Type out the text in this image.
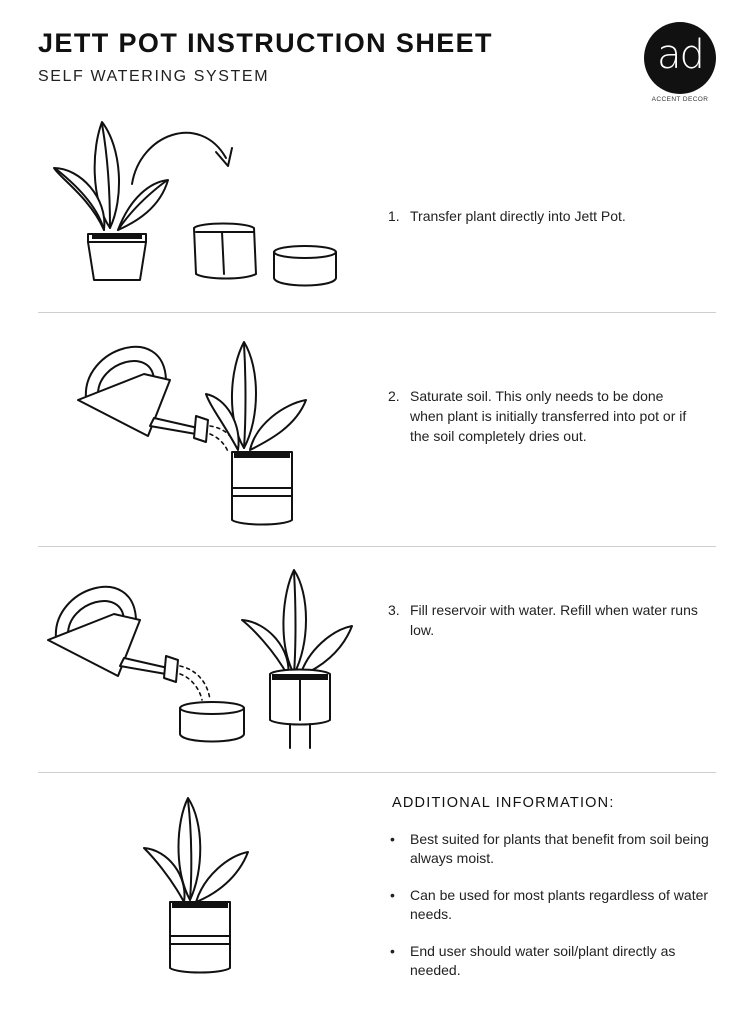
JETT POT INSTRUCTION SHEET
SELF WATERING SYSTEM	ad
ACCENT DECOR
1. Transfer plant directly into Jett Pot.
2. Saturate soil. This only needs to be done when plant is initially transferred into pot or if the soil completely dries out.
3. Fill reservoir with water. Refill when water runs low.
ADDITIONAL INFORMATION:
•	Best suited for plants that benefit from soil being always moist.
•	Can be used for most plants regardless of water needs.
•	End user should water soil/plant directly as needed.
